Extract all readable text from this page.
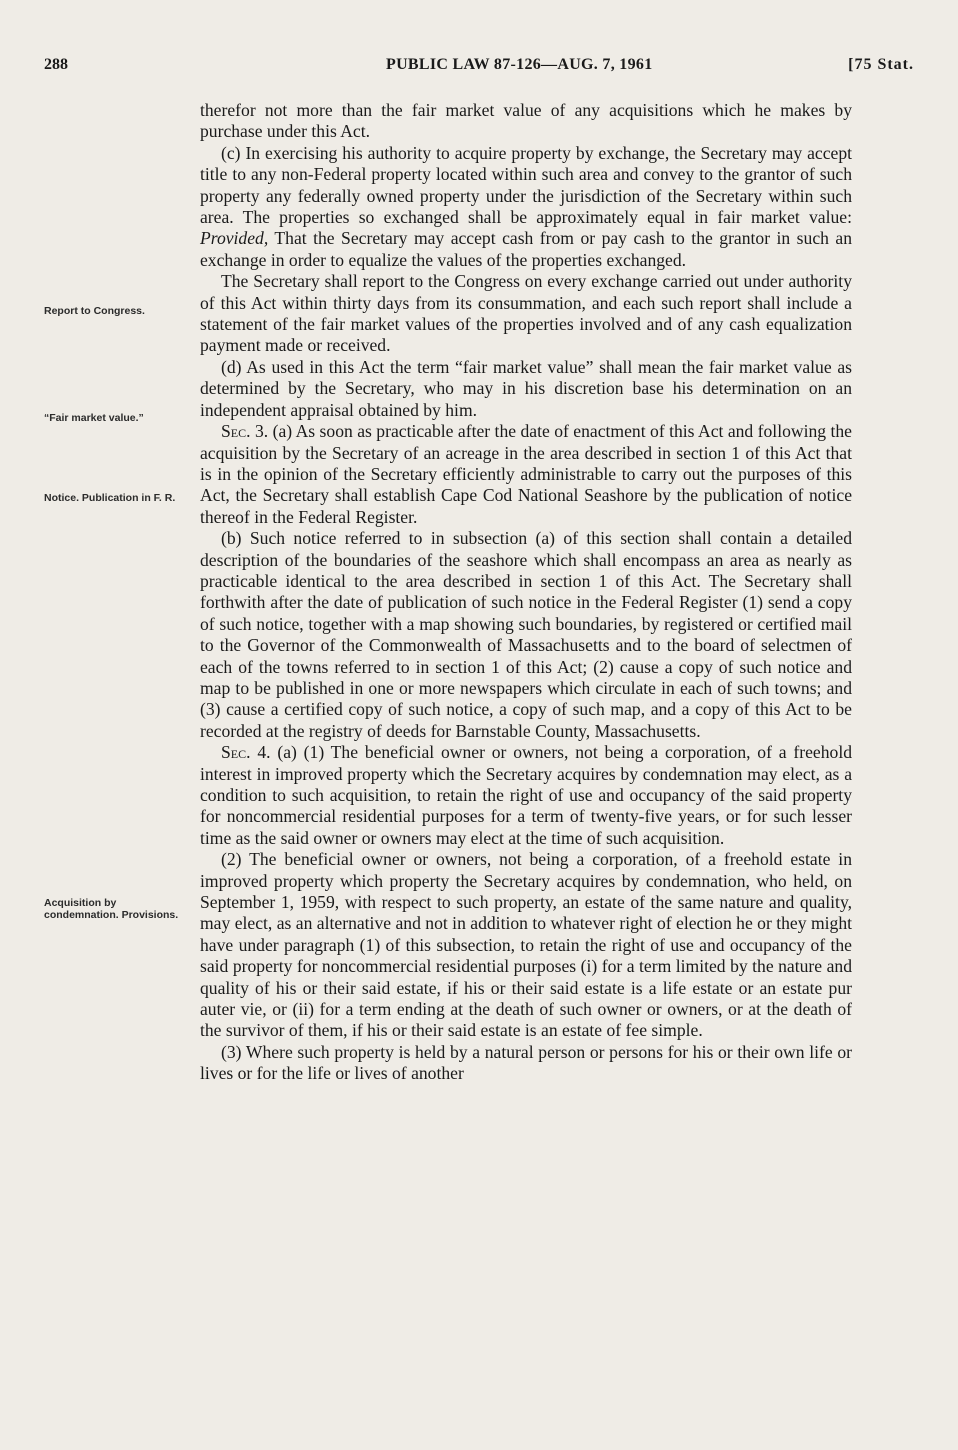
288	PUBLIC LAW 87-126—AUG. 7, 1961	[75 Stat.
Report to Congress.
“Fair market value.”
Notice. Publication in F. R.
Acquisition by condemnation. Provisions.

therefor not more than the fair market value of any acquisitions which he makes by purchase under this Act.

(c) In exercising his authority to acquire property by exchange, the Secretary may accept title to any non-Federal property located within such area and convey to the grantor of such property any federally owned property under the jurisdiction of the Secretary within such area. The properties so exchanged shall be approximately equal in fair market value: Provided, That the Secretary may accept cash from or pay cash to the grantor in such an exchange in order to equalize the values of the properties exchanged.

The Secretary shall report to the Congress on every exchange carried out under authority of this Act within thirty days from its consummation, and each such report shall include a statement of the fair market values of the properties involved and of any cash equalization payment made or received.

(d) As used in this Act the term “fair market value” shall mean the fair market value as determined by the Secretary, who may in his discretion base his determination on an independent appraisal obtained by him.

Sec. 3. (a) As soon as practicable after the date of enactment of this Act and following the acquisition by the Secretary of an acreage in the area described in section 1 of this Act that is in the opinion of the Secretary efficiently administrable to carry out the purposes of this Act, the Secretary shall establish Cape Cod National Seashore by the publication of notice thereof in the Federal Register.

(b) Such notice referred to in subsection (a) of this section shall contain a detailed description of the boundaries of the seashore which shall encompass an area as nearly as practicable identical to the area described in section 1 of this Act. The Secretary shall forthwith after the date of publication of such notice in the Federal Register (1) send a copy of such notice, together with a map showing such boundaries, by registered or certified mail to the Governor of the Commonwealth of Massachusetts and to the board of selectmen of each of the towns referred to in section 1 of this Act; (2) cause a copy of such notice and map to be published in one or more newspapers which circulate in each of such towns; and (3) cause a certified copy of such notice, a copy of such map, and a copy of this Act to be recorded at the registry of deeds for Barnstable County, Massachusetts.

Sec. 4. (a) (1) The beneficial owner or owners, not being a corporation, of a freehold interest in improved property which the Secretary acquires by condemnation may elect, as a condition to such acquisition, to retain the right of use and occupancy of the said property for noncommercial residential purposes for a term of twenty-five years, or for such lesser time as the said owner or owners may elect at the time of such acquisition.

(2) The beneficial owner or owners, not being a corporation, of a freehold estate in improved property which property the Secretary acquires by condemnation, who held, on September 1, 1959, with respect to such property, an estate of the same nature and quality, may elect, as an alternative and not in addition to whatever right of election he or they might have under paragraph (1) of this subsection, to retain the right of use and occupancy of the said property for noncommercial residential purposes (i) for a term limited by the nature and quality of his or their said estate, if his or their said estate is a life estate or an estate pur auter vie, or (ii) for a term ending at the death of such owner or owners, or at the death of the survivor of them, if his or their said estate is an estate of fee simple.

(3) Where such property is held by a natural person or persons for his or their own life or lives or for the life or lives of another
